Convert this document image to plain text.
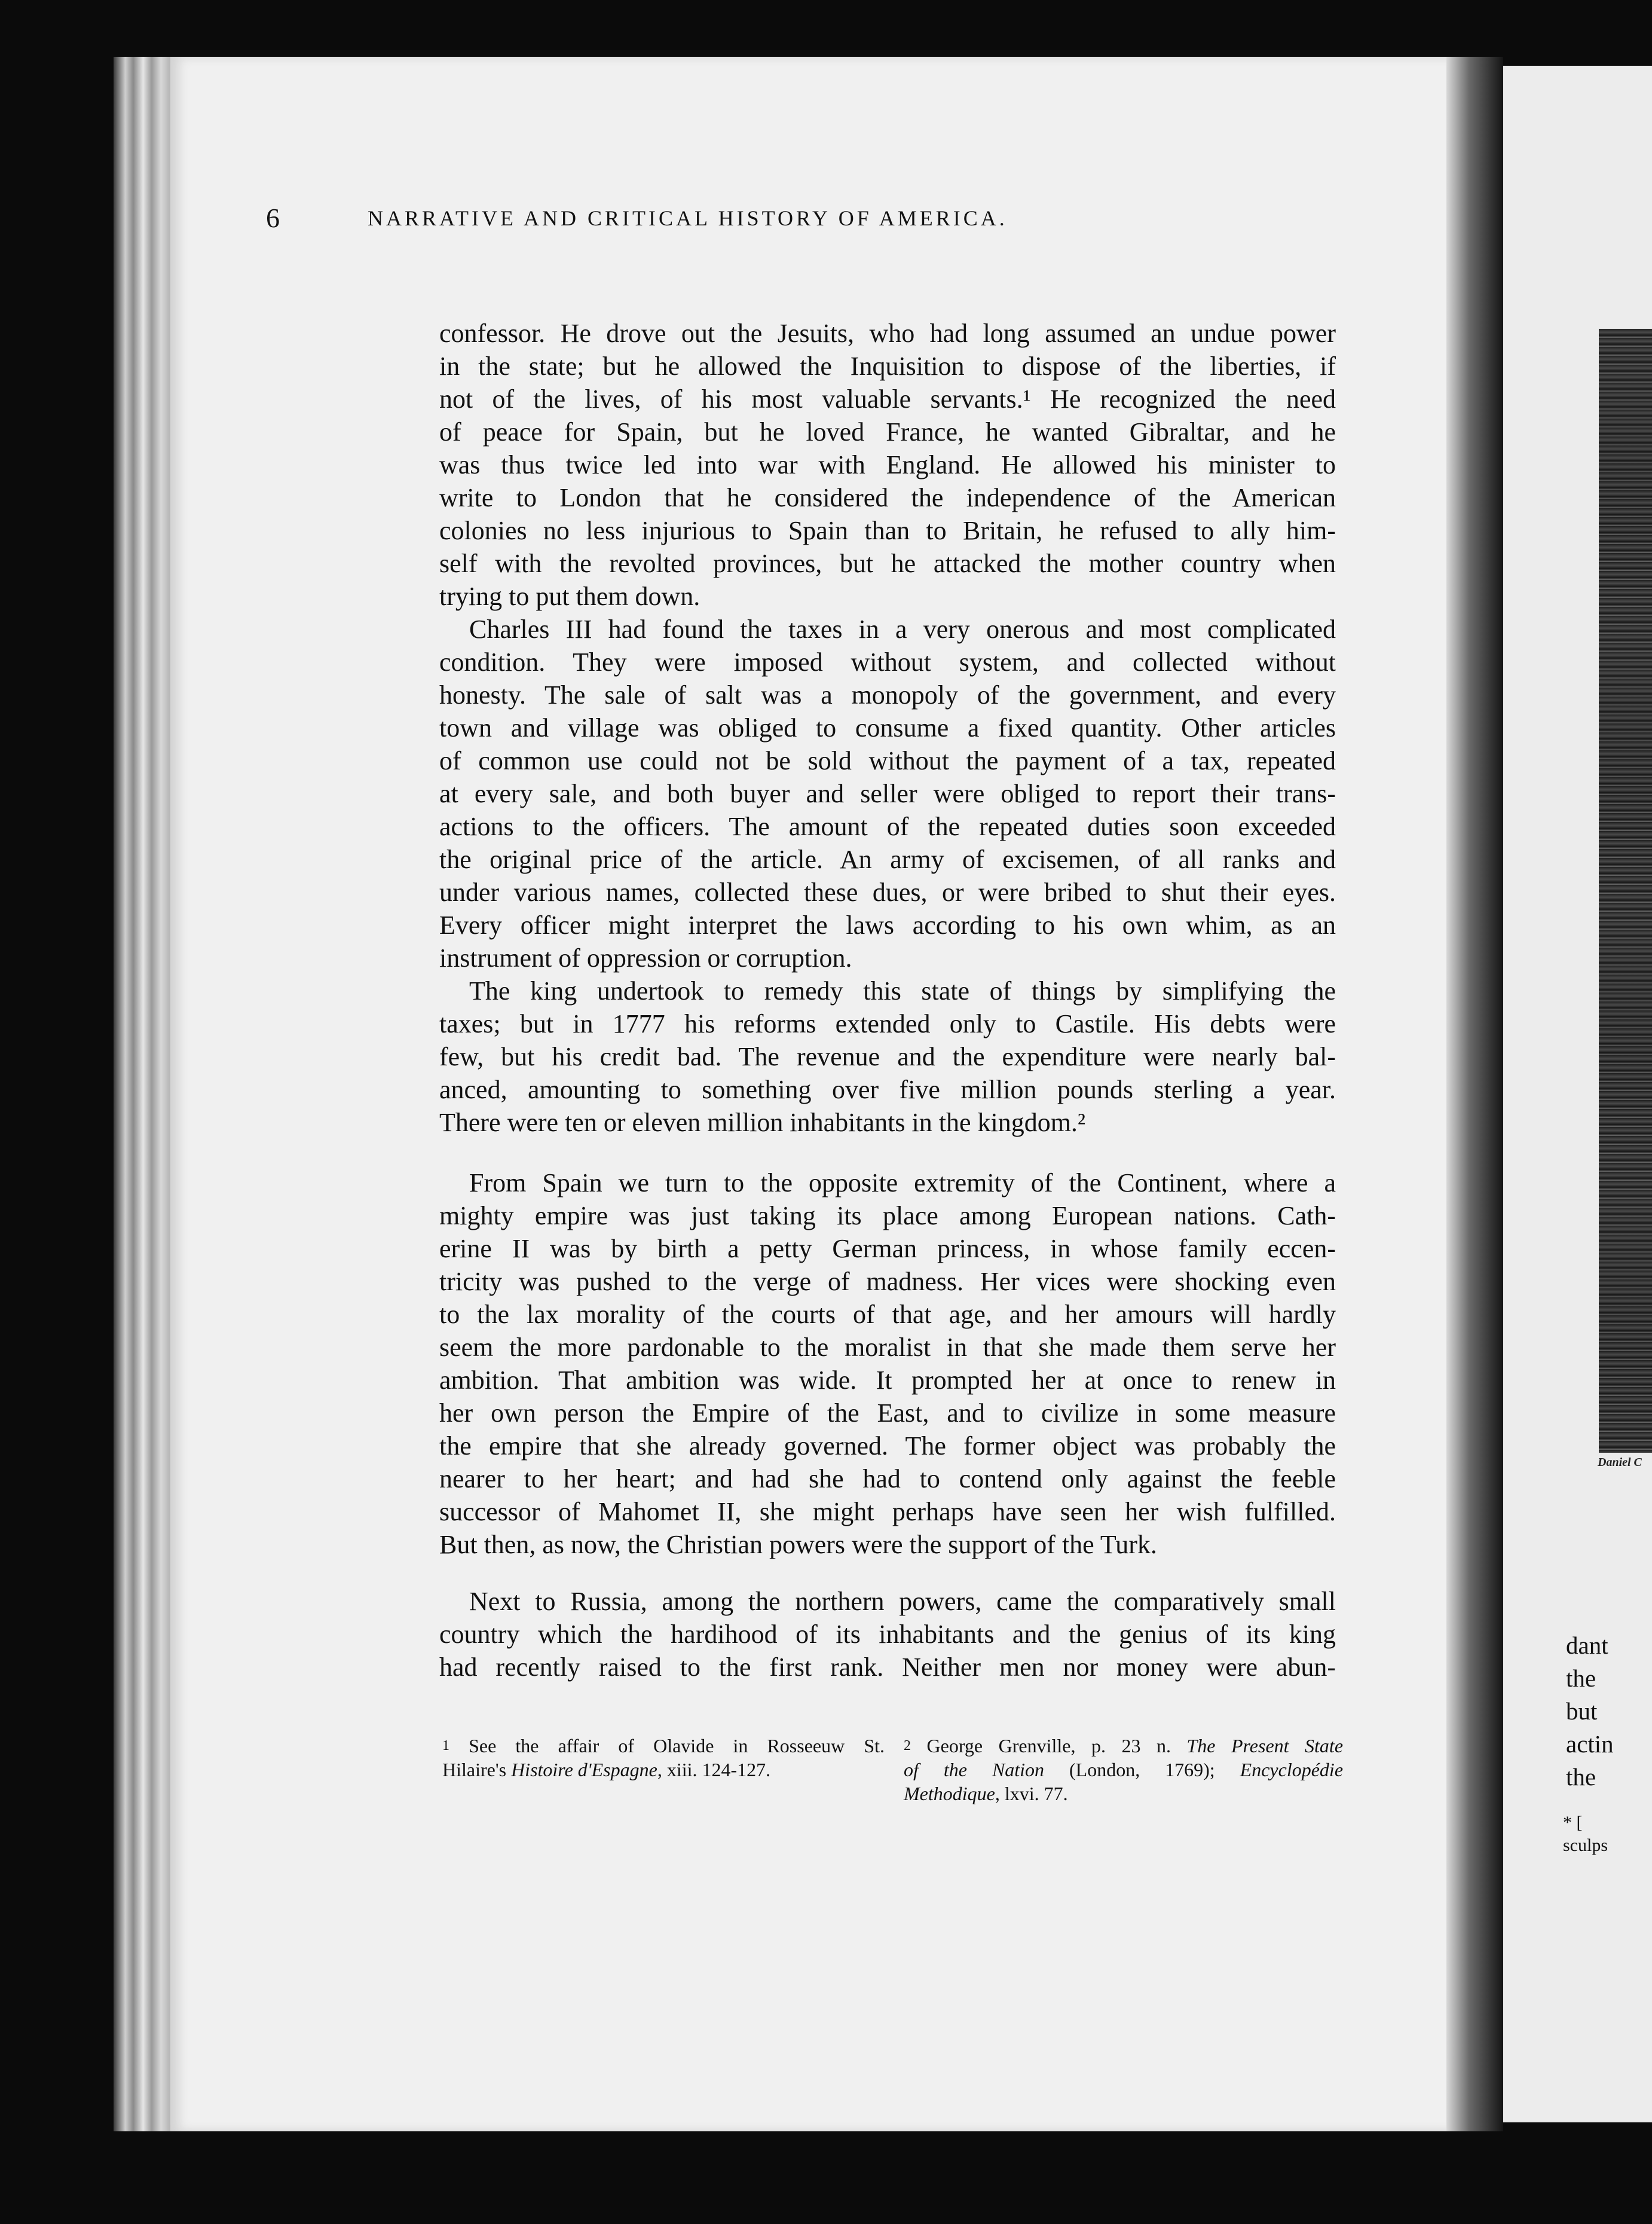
Daniel C
dant
the
but
actin
the
* [
sculps
6	NARRATIVE AND CRITICAL HISTORY OF AMERICA.
confessor. He drove out the Jesuits, who had long assumed an undue power
in the state; but he allowed the Inquisition to dispose of the liberties, if
not of the lives, of his most valuable servants.¹ He recognized the need
of peace for Spain, but he loved France, he wanted Gibraltar, and he
was thus twice led into war with England. He allowed his minister to
write to London that he considered the independence of the American
colonies no less injurious to Spain than to Britain, he refused to ally him-
self with the revolted provinces, but he attacked the mother country when
trying to put them down.
Charles III had found the taxes in a very onerous and most complicated
condition. They were imposed without system, and collected without
honesty. The sale of salt was a monopoly of the government, and every
town and village was obliged to consume a fixed quantity. Other articles
of common use could not be sold without the payment of a tax, repeated
at every sale, and both buyer and seller were obliged to report their trans-
actions to the officers. The amount of the repeated duties soon exceeded
the original price of the article. An army of excisemen, of all ranks and
under various names, collected these dues, or were bribed to shut their eyes.
Every officer might interpret the laws according to his own whim, as an
instrument of oppression or corruption.
The king undertook to remedy this state of things by simplifying the
taxes; but in 1777 his reforms extended only to Castile. His debts were
few, but his credit bad. The revenue and the expenditure were nearly bal-
anced, amounting to something over five million pounds sterling a year.
There were ten or eleven million inhabitants in the kingdom.²
From Spain we turn to the opposite extremity of the Continent, where a
mighty empire was just taking its place among European nations. Cath-
erine II was by birth a petty German princess, in whose family eccen-
tricity was pushed to the verge of madness. Her vices were shocking even
to the lax morality of the courts of that age, and her amours will hardly
seem the more pardonable to the moralist in that she made them serve her
ambition. That ambition was wide. It prompted her at once to renew in
her own person the Empire of the East, and to civilize in some measure
the empire that she already governed. The former object was probably the
nearer to her heart; and had she had to contend only against the feeble
successor of Mahomet II, she might perhaps have seen her wish fulfilled.
But then, as now, the Christian powers were the support of the Turk.
Next to Russia, among the northern powers, came the comparatively small
country which the hardihood of its inhabitants and the genius of its king
had recently raised to the first rank. Neither men nor money were abun-
$^1$ See the affair of Olavide in Rosseeuw St.
Hilaire's Histoire d'Espagne, xiii. 124-127.
$^2$ George Grenville, p. 23 n. The Present State
of the Nation (London, 1769); Encyclopédie
Methodique, lxvi. 77.
